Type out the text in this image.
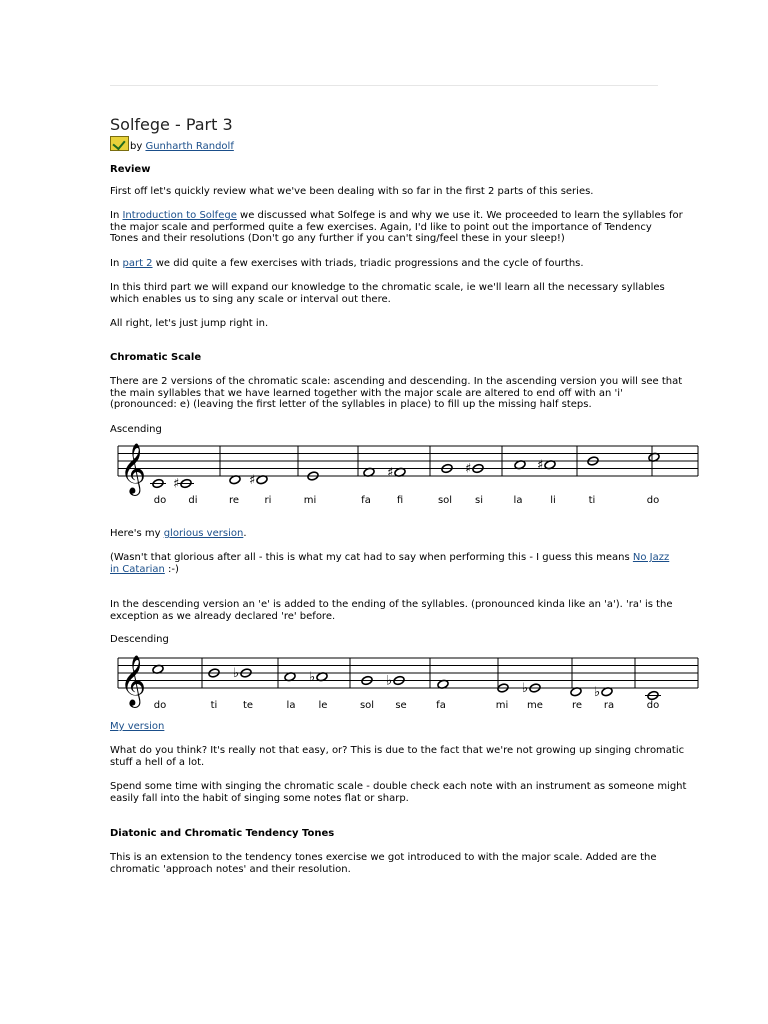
Solfege - Part 3
by Gunharth Randolf
Review
First off let's quickly review what we've been dealing with so far in the first 2 parts of this series.
In Introduction to Solfege we discussed what Solfege is and why we use it. We proceeded to learn the syllables for
the major scale and performed quite a few exercises. Again, I'd like to point out the importance of Tendency
Tones and their resolutions (Don't go any further if you can't sing/feel these in your sleep!)
In part 2 we did quite a few exercises with triads, triadic progressions and the cycle of fourths.
In this third part we will expand our knowledge to the chromatic scale, ie we'll learn all the necessary syllables
which enables us to sing any scale or interval out there.
All right, let's just jump right in.
Chromatic Scale
There are 2 versions of the chromatic scale: ascending and descending. In the ascending version you will see that
the main syllables that we have learned together with the major scale are altered to end off with an 'i'
(pronounced: e) (leaving the first letter of the syllables in place) to fill up the missing half steps.
Ascending
𝄞 ♯	♯	♯	♯	♯
do di	re	ri	mi	fa	fi	sol si	la	li	ti	do
Here's my glorious version.
(Wasn't that glorious after all - this is what my cat had to say when performing this - I guess this means No Jazz
in Catarian :-)
In the descending version an 'e' is added to the ending of the syllables. (pronounced kinda like an 'a'). 'ra' is the
exception as we already declared 're' before.
Descending
𝄞	♭	♭	♭	♭	♭
do	ti	te	la le	sol se	fa	mi me	re ra	do
My version
What do you think? It's really not that easy, or? This is due to the fact that we're not growing up singing chromatic
stuff a hell of a lot.
Spend some time with singing the chromatic scale - double check each note with an instrument as someone might
easily fall into the habit of singing some notes flat or sharp.
Diatonic and Chromatic Tendency Tones
This is an extension to the tendency tones exercise we got introduced to with the major scale. Added are the
chromatic 'approach notes' and their resolution.
